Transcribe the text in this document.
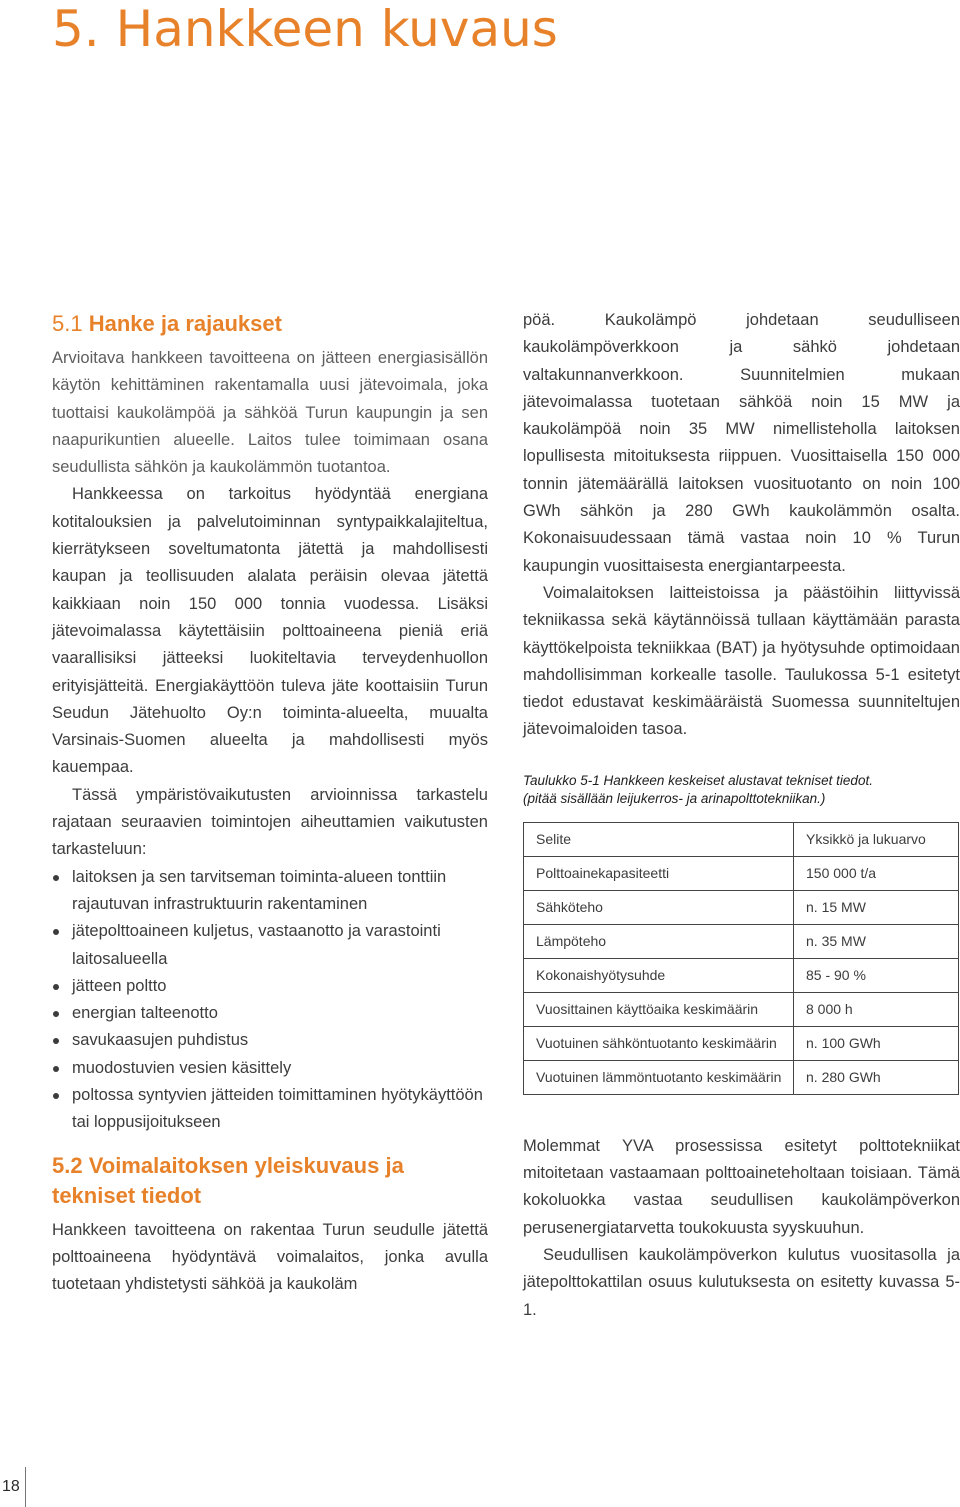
5. Hankkeen kuvaus
5.1 Hanke ja rajaukset

Arvioitava hankkeen tavoitteena on jätteen energiasisällön käytön kehittäminen rakentamalla uusi jätevoimala, joka tuottaisi kaukolämpöä ja sähköä Turun kaupungin ja sen naapurikuntien alueelle. Laitos tulee toimimaan osana seudullista sähkön ja kaukolämmön tuotantoa.

Hankkeessa on tarkoitus hyödyntää energiana kotitalouksien ja palvelutoiminnan syntypaikkalajiteltua, kierrätykseen soveltumatonta jätettä ja mahdollisesti kaupan ja teollisuuden alalata peräisin olevaa jätettä kaikkiaan noin 150 000 tonnia vuodessa. Lisäksi jätevoimalassa käytettäisiin polttoaineena pieniä eriä vaarallisiksi jätteeksi luokiteltavia terveydenhuollon erityisjätteitä. Energiakäyttöön tuleva jäte koottaisiin Turun Seudun Jätehuolto Oy:n toiminta-alueelta, muualta Varsinais-Suomen alueelta ja mahdollisesti myös kauempaa.

Tässä ympäristövaikutusten arvioinnissa tarkastelu rajataan seuraavien toimintojen aiheuttamien vaikutusten tarkasteluun:

laitoksen ja sen tarvitseman toiminta-alueen tonttiin rajautuvan infrastruktuurin rakentaminen
jätepolttoaineen kuljetus, vastaanotto ja varastointi laitosalueella
jätteen poltto
energian talteenotto
savukaasujen puhdistus
muodostuvien vesien käsittely
poltossa syntyvien jätteiden toimittaminen hyötykäyttöön tai loppusijoitukseen
5.2 Voimalaitoksen yleiskuvaus ja tekniset tiedot

Hankkeen tavoitteena on rakentaa Turun seudulle jätettä polttoaineena hyödyntävä voimalaitos, jonka avulla tuotetaan yhdistetysti sähköä ja kaukoläm

pöä. Kaukolämpö johdetaan seudulliseen kaukolämpöverkkoon ja sähkö johdetaan valtakunnanverkkoon. Suunnitelmien mukaan jätevoimalassa tuotetaan sähköä noin 15 MW ja kaukolämpöä noin 35 MW nimellisteholla laitoksen lopullisesta mitoituksesta riippuen. Vuosittaisella 150 000 tonnin jätemäärällä laitoksen vuosituotanto on noin 100 GWh sähkön ja 280 GWh kaukolämmön osalta. Kokonaisuudessaan tämä vastaa noin 10 % Turun kaupungin vuosittaisesta energiantarpeesta.

Voimalaitoksen laitteistoissa ja päästöihin liittyvissä tekniikassa sekä käytännöissä tullaan käyttämään parasta käyttökelpoista tekniikkaa (BAT) ja hyötysuhde optimoidaan mahdollisimman korkealle tasolle. Taulukossa 5-1 esitetyt tiedot edustavat keskimääräistä Suomessa suunniteltujen jätevoimaloiden tasoa.

Taulukko 5-1 Hankkeen keskeiset alustavat tekniset tiedot.
(pitää sisällään leijukerros- ja arinapolttotekniikan.)
Selite	Yksikkö ja lukuarvo
Polttoainekapasiteetti	150 000 t/a
Sähköteho	n. 15 MW
Lämpöteho	n. 35 MW
Kokonaishyötysuhde	85 - 90 %
Vuosittainen käyttöaika keskimäärin	8 000 h
Vuotuinen sähköntuotanto keskimäärin	n. 100 GWh
Vuotuinen lämmöntuotanto keskimäärin	n. 280 GWh

Molemmat YVA prosessissa esitetyt polttotekniikat mitoitetaan vastaamaan polttoaineteholtaan toisiaan. Tämä kokoluokka vastaa seudullisen kaukolämpöverkon perusenergiatarvetta toukokuusta syyskuuhun.

Seudullisen kaukolämpöverkon kulutus vuositasolla ja jätepolttokattilan osuus kulutuksesta on esitetty kuvassa 5-1.

18
